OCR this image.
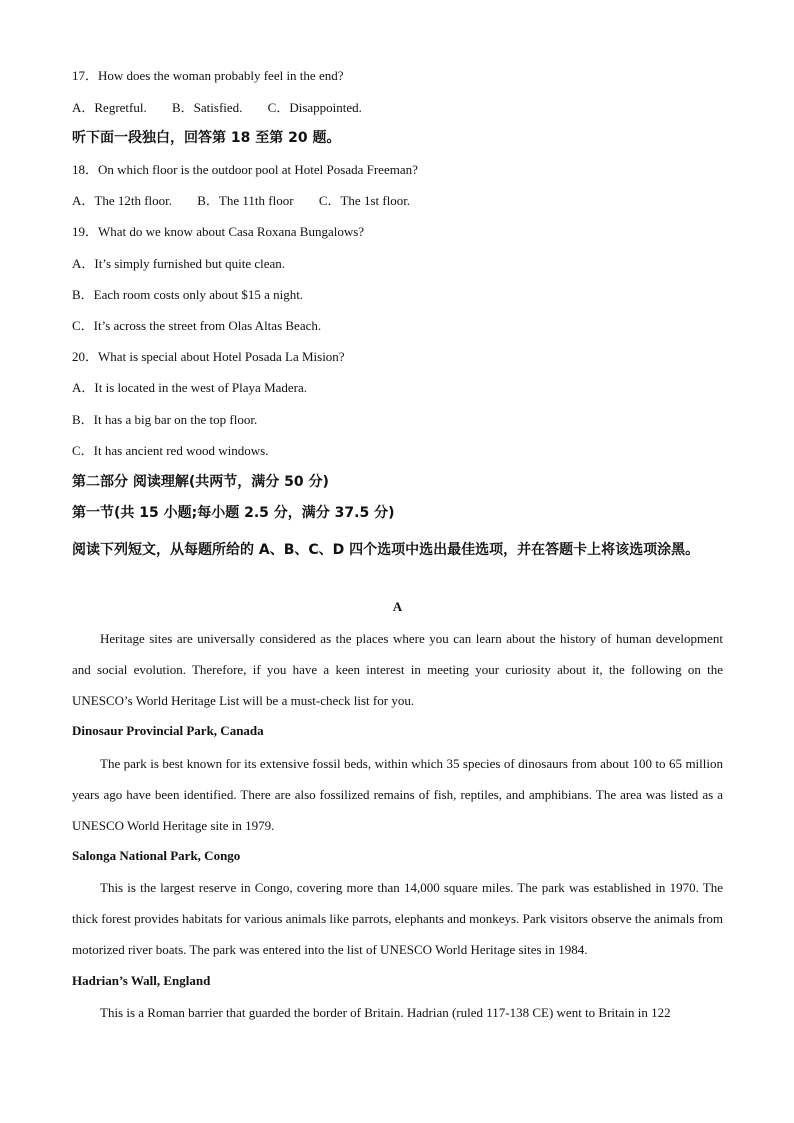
17．How does the woman probably feel in the end?
A．Regretful. B．Satisfied. C．Disappointed.
听下面一段独白，回答第 18 至第 20 题。
18．On which floor is the outdoor pool at Hotel Posada Freeman?
A．The 12th floor. B．The 11th floor C．The 1st floor.
19．What do we know about Casa Roxana Bungalows?
A．It’s simply furnished but quite clean.
B．Each room costs only about $15 a night.
C．It’s across the street from Olas Altas Beach.
20．What is special about Hotel Posada La Mision?
A．It is located in the west of Playa Madera.
B．It has a big bar on the top floor.
C．It has ancient red wood windows.
第二部分 阅读理解(共两节，满分 50 分)
第一节(共 15 小题;每小题 2.5 分，满分 37.5 分)
阅读下列短文，从每题所给的 A、B、C、D 四个选项中选出最佳选项，并在答题卡上将该选项涂黑。
A
Heritage sites are universally considered as the places where you can learn about the history of human development and social evolution. Therefore, if you have a keen interest in meeting your curiosity about it, the following on the UNESCO’s World Heritage List will be a must-check list for you.
Dinosaur Provincial Park, Canada
The park is best known for its extensive fossil beds, within which 35 species of dinosaurs from about 100 to 65 million years ago have been identified. There are also fossilized remains of fish, reptiles, and amphibians. The area was listed as a UNESCO World Heritage site in 1979.
Salonga National Park, Congo
This is the largest reserve in Congo, covering more than 14,000 square miles. The park was established in 1970. The thick forest provides habitats for various animals like parrots, elephants and monkeys. Park visitors observe the animals from motorized river boats. The park was entered into the list of UNESCO World Heritage sites in 1984.
Hadrian’s Wall, England
This is a Roman barrier that guarded the border of Britain. Hadrian (ruled 117-138 CE) went to Britain in 122
